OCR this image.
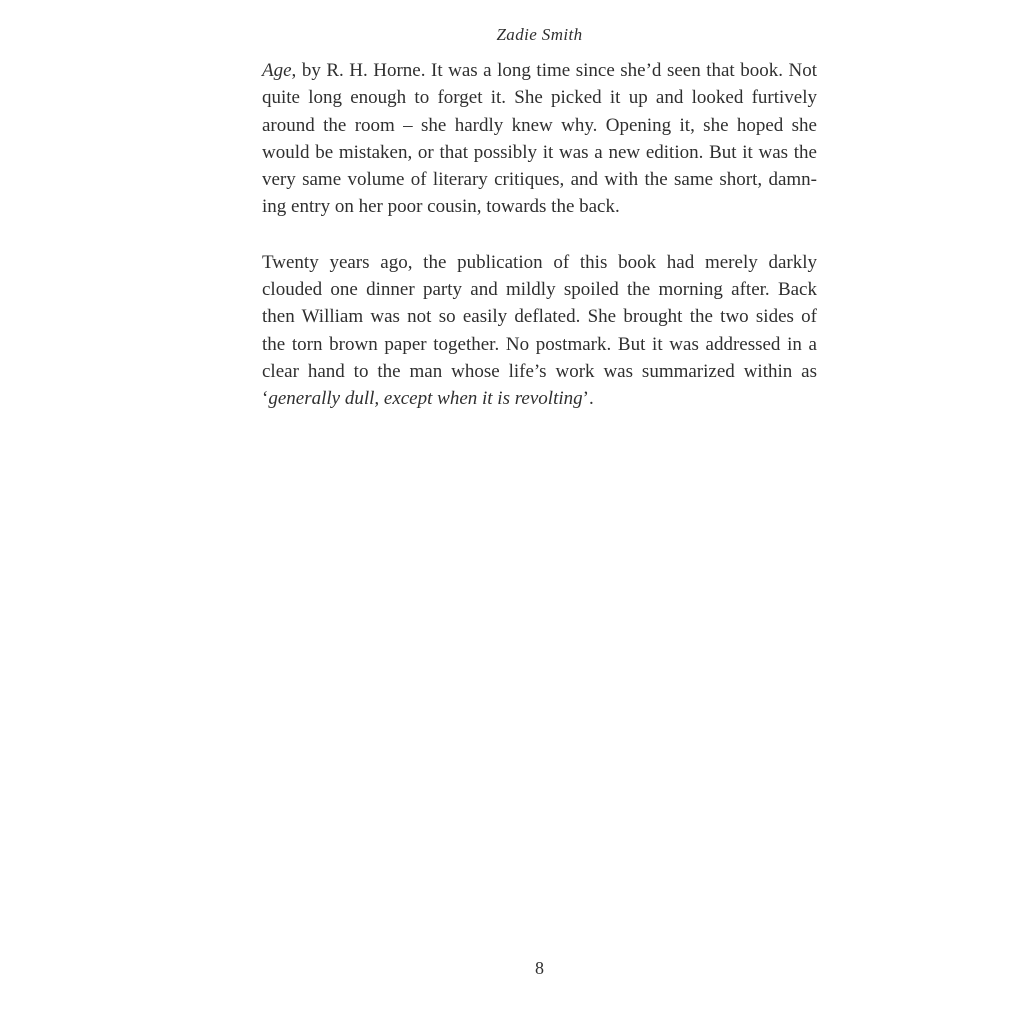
Zadie Smith
Age, by R. H. Horne. It was a long time since she’d seen that book. Not
quite long enough to forget it. She picked it up and looked furtively
around the room – she hardly knew why. Opening it, she hoped she
would be mistaken, or that possibly it was a new edition. But it was the
very same volume of literary critiques, and with the same short, damn-
ing entry on her poor cousin, towards the back.
Twenty years ago, the publication of this book had merely darkly
clouded one dinner party and mildly spoiled the morning after. Back
then William was not so easily deflated. She brought the two sides of
the torn brown paper together. No postmark. But it was addressed in a
clear hand to the man whose life’s work was summarized within as
‘generally dull, except when it is revolting’.
8
